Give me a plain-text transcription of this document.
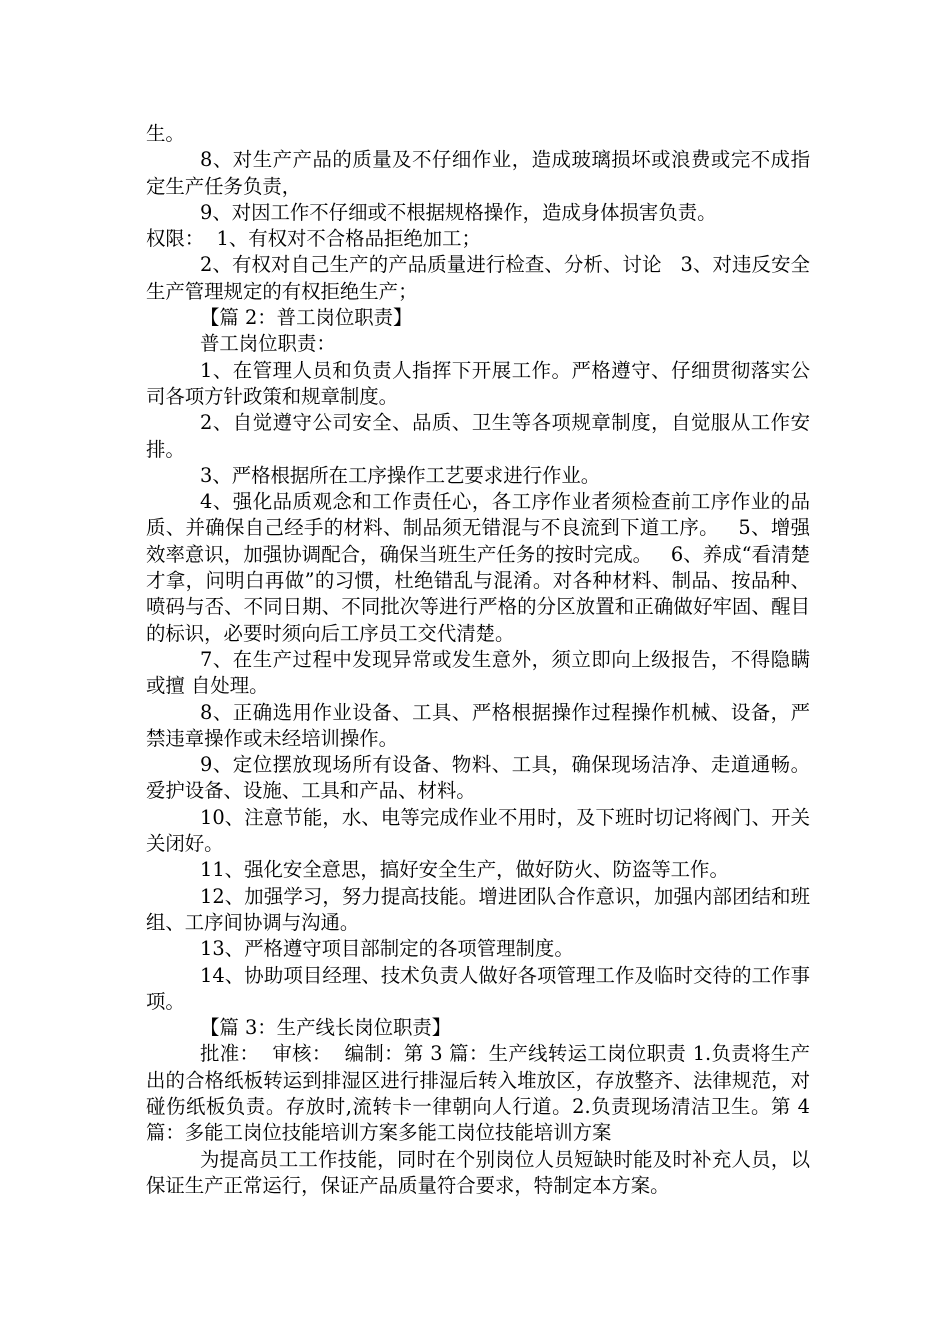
生。

8、对生产产品的质量及不仔细作业，造成玻璃损坏或浪费或完不成指定生产任务负责，

9、对因工作不仔细或不根据规格操作，造成身体损害负责。

权限：  1、有权对不合格品拒绝加工；

2、有权对自己生产的产品质量进行检查、分析、讨论   3、对违反安全生产管理规定的有权拒绝生产；

【篇 2：普工岗位职责】

普工岗位职责：

1、在管理人员和负责人指挥下开展工作。严格遵守、仔细贯彻落实公司各项方针政策和规章制度。

2、自觉遵守公司安全、品质、卫生等各项规章制度，自觉服从工作安排。

3、严格根据所在工序操作工艺要求进行作业。

4、强化品质观念和工作责任心，各工序作业者须检查前工序作业的品质、并确保自己经手的材料、制品须无错混与不良流到下道工序。   5、增强效率意识，加强协调配合，确保当班生产任务的按时完成。   6、养成“看清楚才拿，问明白再做”的习惯，杜绝错乱与混淆。对各种材料、制品、按品种、喷码与否、不同日期、不同批次等进行严格的分区放置和正确做好牢固、醒目的标识，必要时须向后工序员工交代清楚。

7、在生产过程中发现异常或发生意外，须立即向上级报告，不得隐瞒或擅 自处理。

8、正确选用作业设备、工具、严格根据操作过程操作机械、设备，严禁违章操作或未经培训操作。

9、定位摆放现场所有设备、物料、工具，确保现场洁净、走道通畅。爱护设备、设施、工具和产品、材料。

10、注意节能，水、电等完成作业不用时，及下班时切记将阀门、开关关闭好。

11、强化安全意思，搞好安全生产，做好防火、防盗等工作。

12、加强学习，努力提高技能。增进团队合作意识，加强内部团结和班组、工序间协调与沟通。

13、严格遵守项目部制定的各项管理制度。

14、协助项目经理、技术负责人做好各项管理工作及临时交待的工作事项。

【篇 3：生产线长岗位职责】

批准：  审核：  编制：第 3 篇：生产线转运工岗位职责 1.负责将生产出的合格纸板转运到排湿区进行排湿后转入堆放区，存放整齐、法律规范，对碰伤纸板负责。存放时,流转卡一律朝向人行道。2.负责现场清洁卫生。第 4 篇：多能工岗位技能培训方案多能工岗位技能培训方案

为提高员工工作技能，同时在个别岗位人员短缺时能及时补充人员，以保证生产正常运行，保证产品质量符合要求，特制定本方案。
